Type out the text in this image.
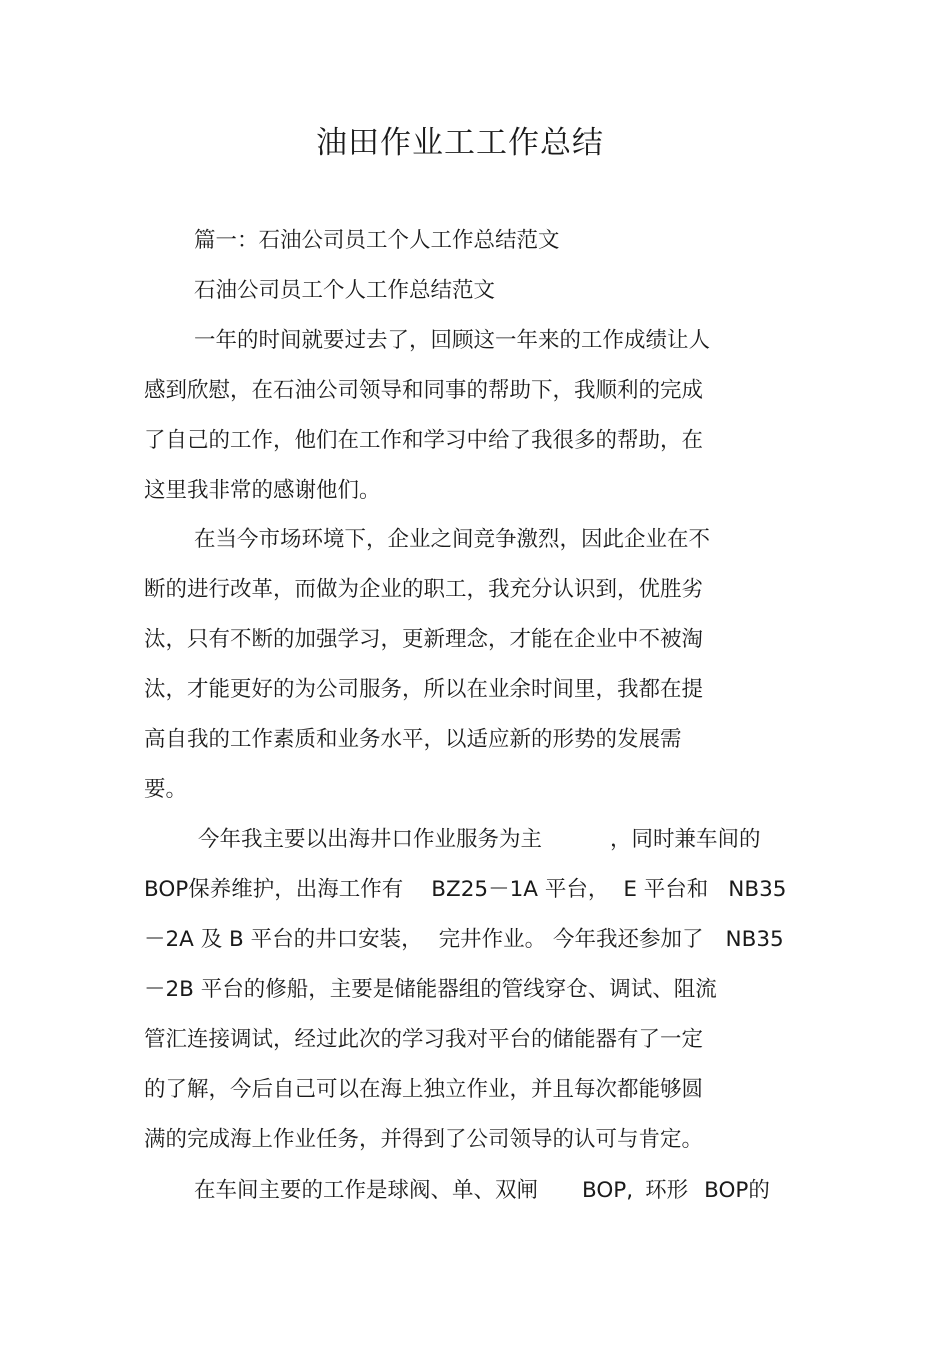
油田作业工工作总结
篇一：石油公司员工个人工作总结范文
石油公司员工个人工作总结范文
一年的时间就要过去了，回顾这一年来的工作成绩让人
感到欣慰，在石油公司领导和同事的帮助下，我顺利的完成
了自己的工作，他们在工作和学习中给了我很多的帮助，在
这里我非常的感谢他们。
在当今市场环境下，企业之间竞争激烈，因此企业在不
断的进行改革，而做为企业的职工，我充分认识到，优胜劣
汰，只有不断的加强学习，更新理念，才能在企业中不被淘
汰，才能更好的为公司服务，所以在业余时间里，我都在提
高自我的工作素质和业务水平，以适应新的形势的发展需
要。
今年我主要以出海井口作业服务为主	，同时兼车间的
BOP保养维护，出海工作有 BZ25－1A 平台， E 平台和 NB35
－2A 及 B 平台的井口安装， 完井作业。 今年我还参加了 NB35
－2B 平台的修船，主要是储能器组的管线穿仓、调试、阻流
管汇连接调试，经过此次的学习我对平台的储能器有了一定
的了解，今后自己可以在海上独立作业，并且每次都能够圆
满的完成海上作业任务，并得到了公司领导的认可与肯定。
在车间主要的工作是球阀、单、双闸 BOP, 环形 BOP的
